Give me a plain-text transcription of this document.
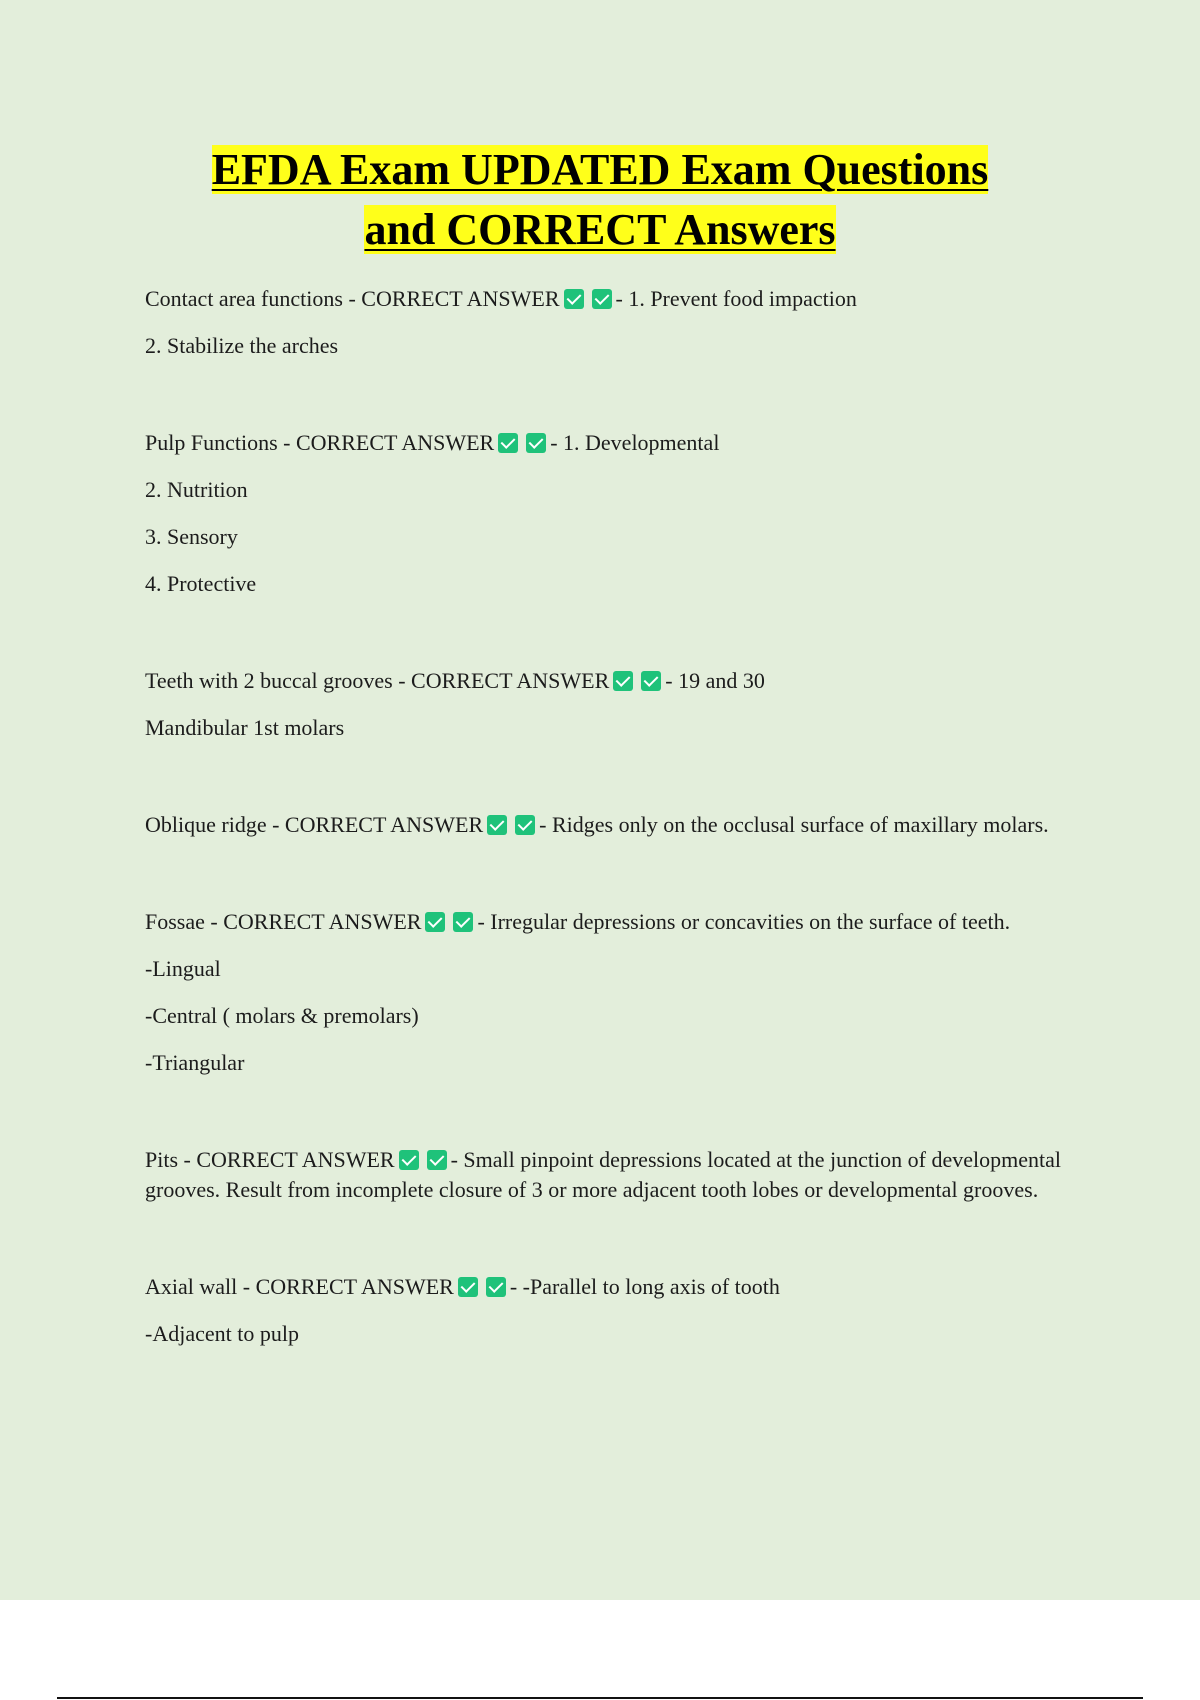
EFDA Exam UPDATED Exam Questions
and CORRECT Answers
Contact area functions - CORRECT ANSWER	- 1. Prevent food impaction
2. Stabilize the arches
Pulp Functions - CORRECT ANSWER	- 1. Developmental
2. Nutrition
3. Sensory
4. Protective
Teeth with 2 buccal grooves - CORRECT ANSWER	- 19 and 30
Mandibular 1st molars
Oblique ridge - CORRECT ANSWER	- Ridges only on the occlusal surface of maxillary molars.
Fossae - CORRECT ANSWER	- Irregular depressions or concavities on the surface of teeth.
-Lingual
-Central ( molars & premolars)
-Triangular
Pits - CORRECT ANSWER	- Small pinpoint depressions located at the junction of developmental grooves. Result from incomplete closure of 3 or more adjacent tooth lobes or developmental grooves.
Axial wall - CORRECT ANSWER	- -Parallel to long axis of tooth
-Adjacent to pulp
